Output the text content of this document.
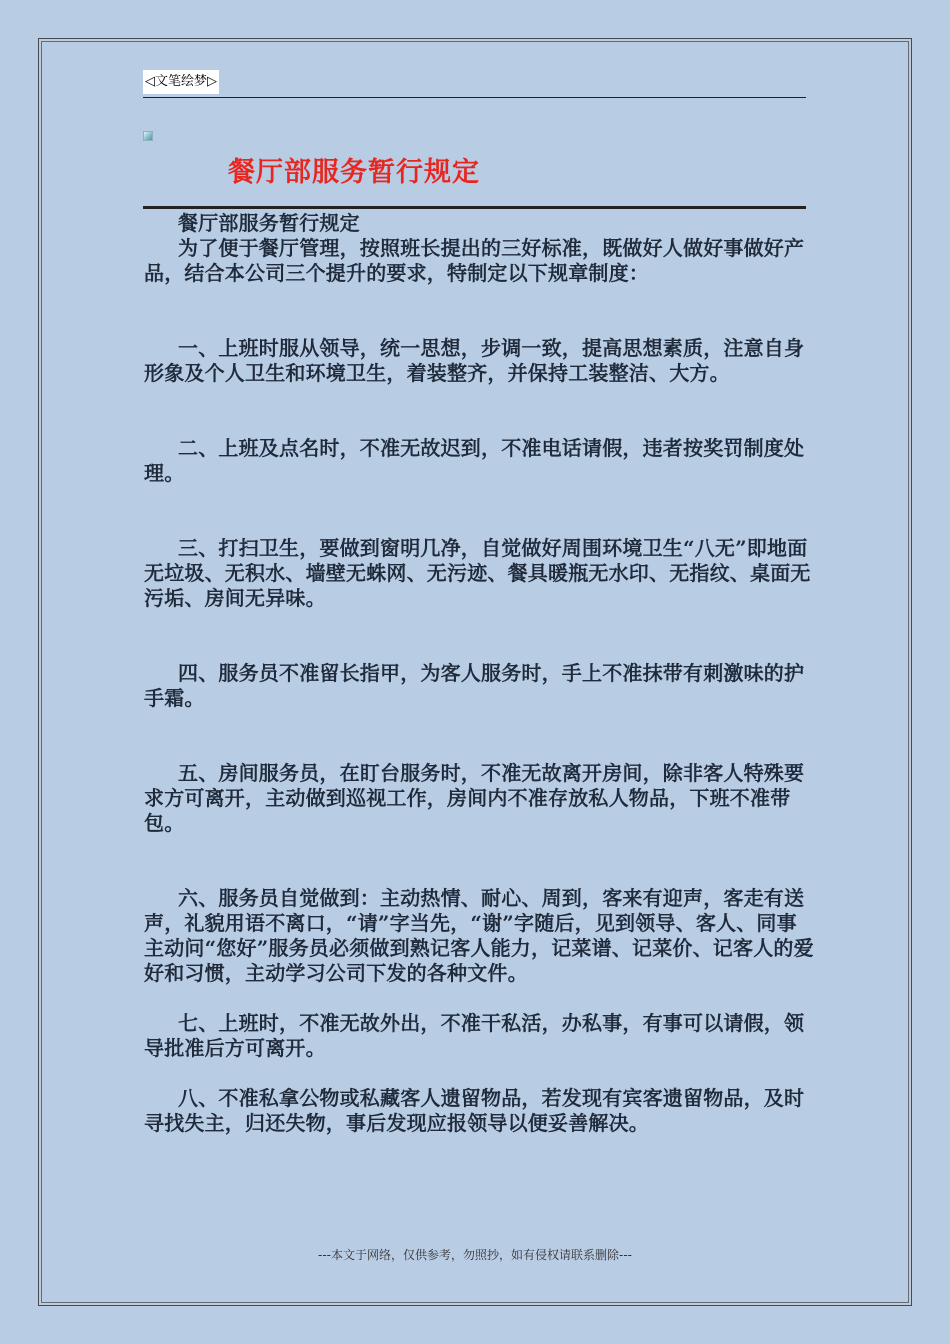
◁文笔绘梦▷
餐厅部服务暂行规定

餐厅部服务暂行规定

为了便于餐厅管理，按照班长提出的三好标准，既做好人做好事做好产品，结合本公司三个提升的要求，特制定以下规章制度：

一、上班时服从领导，统一思想，步调一致，提高思想素质，注意自身形象及个人卫生和环境卫生，着装整齐，并保持工装整洁、大方。

二、上班及点名时，不准无故迟到，不准电话请假，违者按奖罚制度处理。

三、打扫卫生，要做到窗明几净，自觉做好周围环境卫生“八无”即地面无垃圾、无积水、墙壁无蛛网、无污迹、餐具暖瓶无水印、无指纹、桌面无污垢、房间无异味。

四、服务员不准留长指甲，为客人服务时，手上不准抹带有刺激味的护手霜。

五、房间服务员，在盯台服务时，不准无故离开房间，除非客人特殊要求方可离开，主动做到巡视工作，房间内不准存放私人物品，下班不准带包。

六、服务员自觉做到：主动热情、耐心、周到，客来有迎声，客走有送声，礼貌用语不离口，“请”字当先，“谢”字随后，见到领导、客人、同事主动问“您好”服务员必须做到熟记客人能力，记菜谱、记菜价、记客人的爱好和习惯，主动学习公司下发的各种文件。

七、上班时，不准无故外出，不准干私活，办私事，有事可以请假，领导批准后方可离开。

八、不准私拿公物或私藏客人遗留物品，若发现有宾客遗留物品，及时寻找失主，归还失物，事后发现应报领导以便妥善解决。

---本文于网络，仅供参考，勿照抄，如有侵权请联系删除---
